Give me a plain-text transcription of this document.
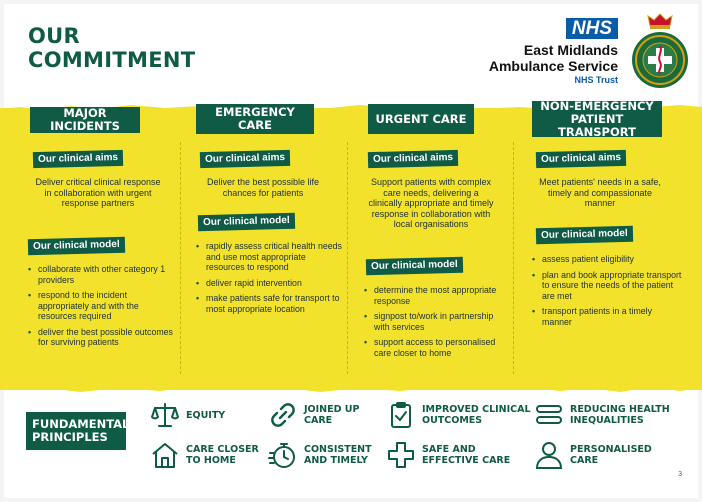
OUR
COMMITMENT
NHS
East Midlands
Ambulance Service
NHS Trust
MAJOR INCIDENTS
Our clinical aims
Deliver critical clinical response in collaboration with urgent response partners
Our clinical model
• collaborate with other category 1 providers
• respond to the incident appropriately and with the resources required
• deliver the best possible outcomes for surviving patients
EMERGENCY CARE
Our clinical aims
Deliver the best possible life chances for patients
Our clinical model
• rapidly assess critical health needs and use most appropriate resources to respond
• deliver rapid intervention
• make patients safe for transport to most appropriate location
URGENT CARE
Our clinical aims
Support patients with complex care needs, delivering a clinically appropriate and timely response in collaboration with local organisations
Our clinical model
• determine the most appropriate response
• signpost to/work in partnership with services
• support access to personalised care closer to home
NON-EMERGENCY
PATIENT TRANSPORT
Our clinical aims
Meet patients' needs in a safe, timely and compassionate manner
Our clinical model
• assess patient eligibility
• plan and book appropriate transport to ensure the needs of the patient are met
• transport patients in a timely manner
FUNDAMENTAL
PRINCIPLES
EQUITY	JOINED UP
CARE
IMPROVED CLINICAL
OUTCOMES
REDUCING HEALTH
INEQUALITIES
CARE CLOSER
TO HOME
CONSISTENT
AND TIMELY
SAFE AND
EFFECTIVE CARE
PERSONALISED
CARE
3
